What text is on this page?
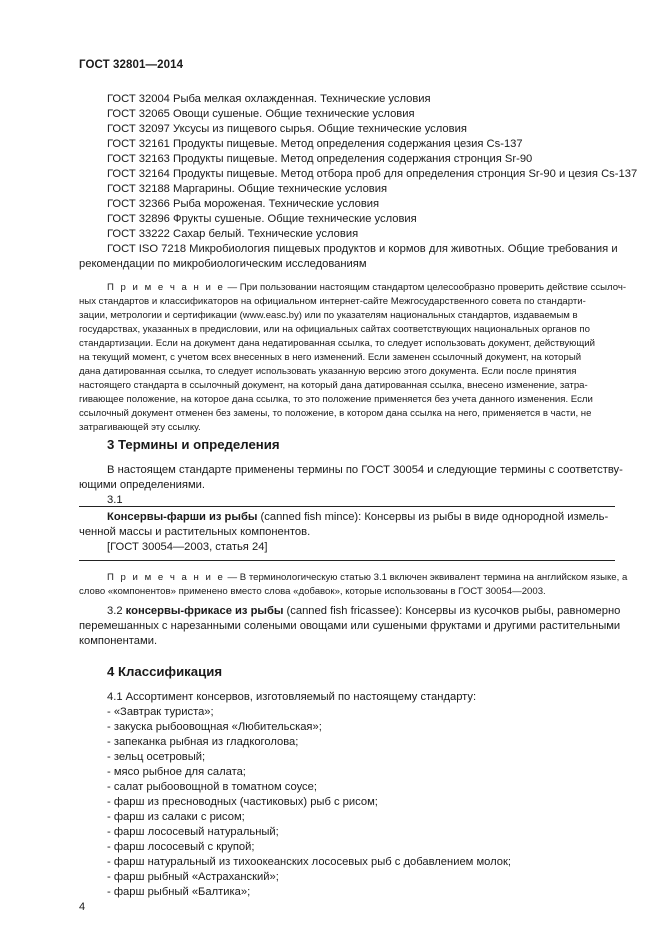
ГОСТ 32801—2014
ГОСТ 32004 Рыба мелкая охлажденная. Технические условия
ГОСТ 32065 Овощи сушеные. Общие технические условия
ГОСТ 32097 Уксусы из пищевого сырья. Общие технические условия
ГОСТ 32161 Продукты пищевые. Метод определения содержания цезия Cs-137
ГОСТ 32163 Продукты пищевые. Метод определения содержания стронция Sr-90
ГОСТ 32164 Продукты пищевые. Метод отбора проб для определения стронция Sr-90 и цезия Cs-137
ГОСТ 32188 Маргарины. Общие технические условия
ГОСТ 32366 Рыба мороженая. Технические условия
ГОСТ 32896 Фрукты сушеные. Общие технические условия
ГОСТ 33222 Сахар белый. Технические условия
ГОСТ ISO 7218 Микробиология пищевых продуктов и кормов для животных. Общие требования и
рекомендации по микробиологическим исследованиям
П р и м е ч а н и е — При пользовании настоящим стандартом целесообразно проверить действие ссылоч-
ных стандартов и классификаторов на официальном интернет-сайте Межгосударственного совета по стандарти-
зации, метрологии и сертификации (www.easc.by) или по указателям национальных стандартов, издаваемым в
государствах, указанных в предисловии, или на официальных сайтах соответствующих национальных органов по
стандартизации. Если на документ дана недатированная ссылка, то следует использовать документ, действующий
на текущий момент, с учетом всех внесенных в него изменений. Если заменен ссылочный документ, на который
дана датированная ссылка, то следует использовать указанную версию этого документа. Если после принятия
настоящего стандарта в ссылочный документ, на который дана датированная ссылка, внесено изменение, затра-
гивающее положение, на которое дана ссылка, то это положение применяется без учета данного изменения. Если
ссылочный документ отменен без замены, то положение, в котором дана ссылка на него, применяется в части, не
затрагивающей эту ссылку.
3 Термины и определения
В настоящем стандарте применены термины по ГОСТ 30054 и следующие термины с соответству-
ющими определениями.
3.1
Консервы-фарши из рыбы (canned fish mince): Консервы из рыбы в виде однородной измель-
ченной массы и растительных компонентов.
[ГОСТ 30054—2003, статья 24]
П р и м е ч а н и е — В терминологическую статью 3.1 включен эквивалент термина на английском языке, а
слово «компонентов» применено вместо слова «добавок», которые использованы в ГОСТ 30054—2003.
3.2 консервы-фрикасе из рыбы (canned fish fricassee): Консервы из кусочков рыбы, равномерно
перемешанных с нарезанными солеными овощами или сушеными фруктами и другими растительными
компонентами.
4 Классификация
4.1 Ассортимент консервов, изготовляемый по настоящему стандарту:
- «Завтрак туриста»;
- закуска рыбоовощная «Любительская»;
- запеканка рыбная из гладкоголова;
- зельц осетровый;
- мясо рыбное для салата;
- салат рыбоовощной в томатном соусе;
- фарш из пресноводных (частиковых) рыб с рисом;
- фарш из салаки с рисом;
- фарш лососевый натуральный;
- фарш лососевый с крупой;
- фарш натуральный из тихоокеанских лососевых рыб с добавлением молок;
- фарш рыбный «Астраханский»;
- фарш рыбный «Балтика»;
4
